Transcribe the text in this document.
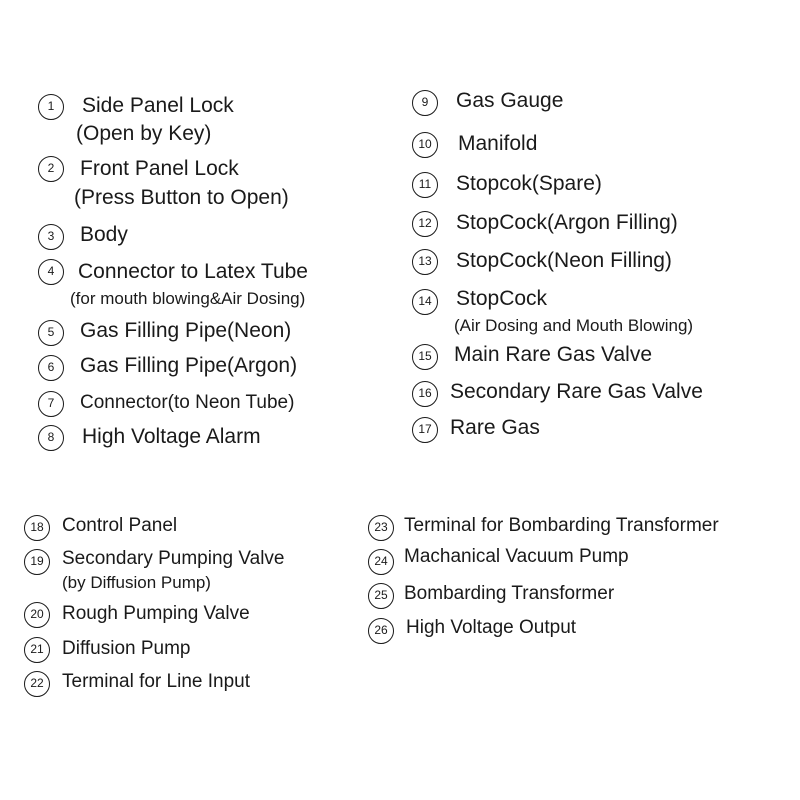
1	Side Panel Lock
(Open by Key)
2	Front Panel Lock
(Press Button to Open)
3	Body
4	Connector to Latex Tube
(for mouth blowing&Air Dosing)
5	Gas Filling Pipe(Neon)
6	Gas Filling Pipe(Argon)
7	Connector(to Neon Tube)
8	High Voltage Alarm
9	Gas Gauge
10	Manifold
11	Stopcok(Spare)
12	StopCock(Argon Filling)
13	StopCock(Neon Filling)
14	StopCock
(Air Dosing and Mouth Blowing)
15	Main Rare Gas Valve
16 Secondary Rare Gas Valve
17 Rare Gas
18 Control Panel
19 Secondary Pumping Valve
(by Diffusion Pump)
20 Rough Pumping Valve
21 Diffusion Pump
22 Terminal for Line Input
23 Terminal for Bombarding Transformer
24 Machanical Vacuum Pump
25 Bombarding Transformer
26 High Voltage Output
